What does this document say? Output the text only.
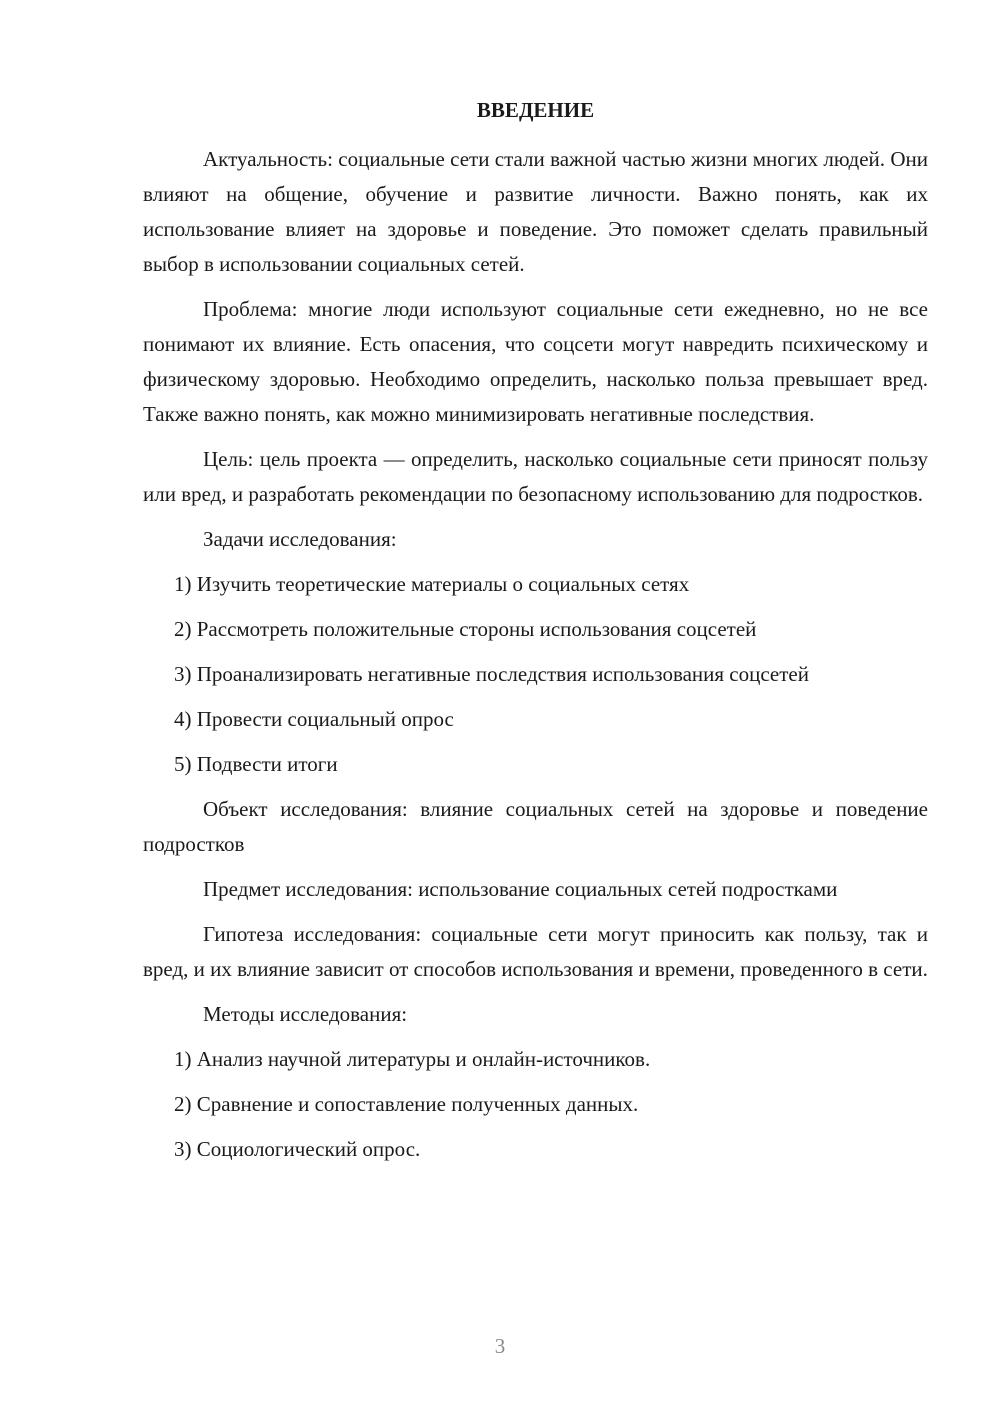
ВВЕДЕНИЕ

Актуальность: социальные сети стали важной частью жизни многих людей. Они влияют на общение, обучение и развитие личности. Важно понять, как их использование влияет на здоровье и поведение. Это поможет сделать правильный выбор в использовании социальных сетей.

Проблема: многие люди используют социальные сети ежедневно, но не все понимают их влияние. Есть опасения, что соцсети могут навредить психическому и физическому здоровью. Необходимо определить, насколько польза превышает вред. Также важно понять, как можно минимизировать негативные последствия.

Цель: цель проекта — определить, насколько социальные сети приносят пользу или вред, и разработать рекомендации по безопасному использованию для подростков.

Задачи исследования:

1) Изучить теоретические материалы о социальных сетях

2) Рассмотреть положительные стороны использования соцсетей

3) Проанализировать негативные последствия использования соцсетей

4) Провести социальный опрос

5) Подвести итоги

Объект исследования: влияние социальных сетей на здоровье и поведение подростков

Предмет исследования: использование социальных сетей подростками

Гипотеза исследования: социальные сети могут приносить как пользу, так и вред, и их влияние зависит от способов использования и времени, проведенного в сети.

Методы исследования:

1) Анализ научной литературы и онлайн-источников.

2) Сравнение и сопоставление полученных данных.

3) Социологический опрос.

3
